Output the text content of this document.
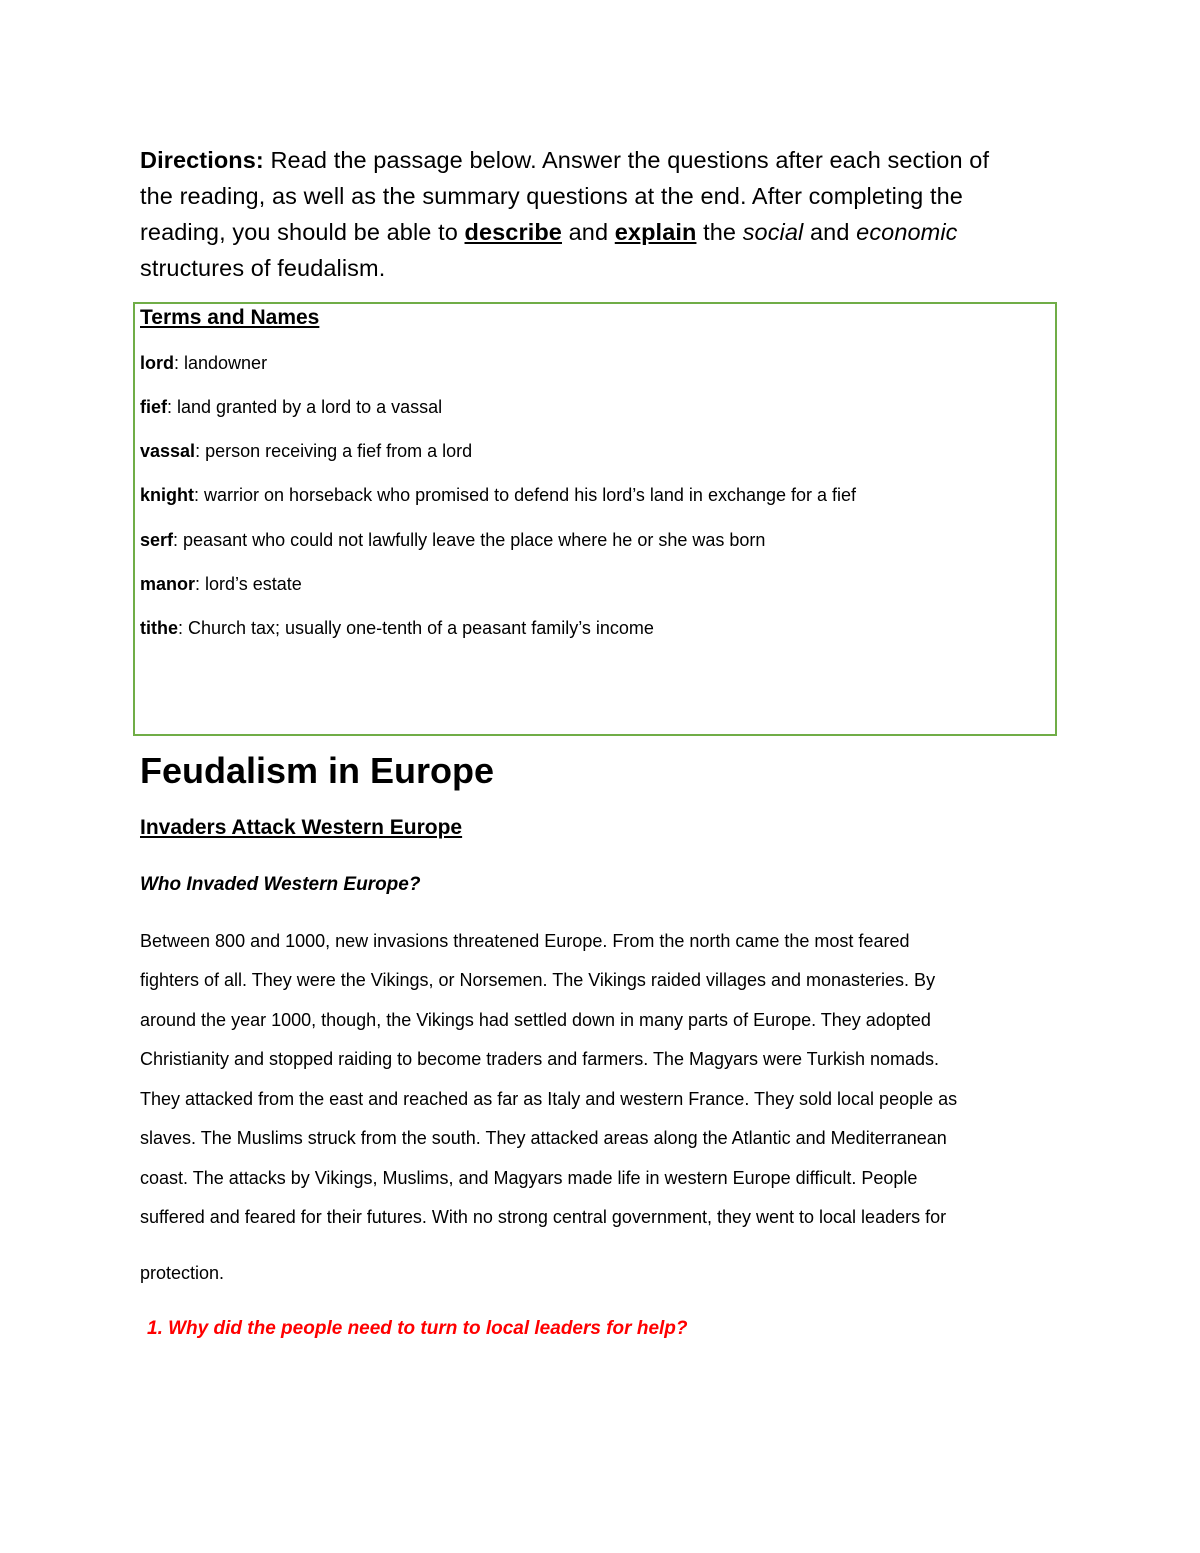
Directions: Read the passage below. Answer the questions after each section of
the reading, as well as the summary questions at the end. After completing the
reading, you should be able to describe and explain the social and economic
structures of feudalism.
Terms and Names
lord: landowner
fief: land granted by a lord to a vassal
vassal: person receiving a fief from a lord
knight: warrior on horseback who promised to defend his lord’s land in exchange for a fief
serf: peasant who could not lawfully leave the place where he or she was born
manor: lord’s estate
tithe: Church tax; usually one-tenth of a peasant family’s income
Feudalism in Europe
Invaders Attack Western Europe
Who Invaded Western Europe?
Between 800 and 1000, new invasions threatened Europe. From the north came the most feared
fighters of all. They were the Vikings, or Norsemen. The Vikings raided villages and monasteries. By
around the year 1000, though, the Vikings had settled down in many parts of Europe. They adopted
Christianity and stopped raiding to become traders and farmers. The Magyars were Turkish nomads.
They attacked from the east and reached as far as Italy and western France. They sold local people as
slaves. The Muslims struck from the south. They attacked areas along the Atlantic and Mediterranean
coast. The attacks by Vikings, Muslims, and Magyars made life in western Europe difficult. People
suffered and feared for their futures. With no strong central government, they went to local leaders for
protection.
1. Why did the people need to turn to local leaders for help?
